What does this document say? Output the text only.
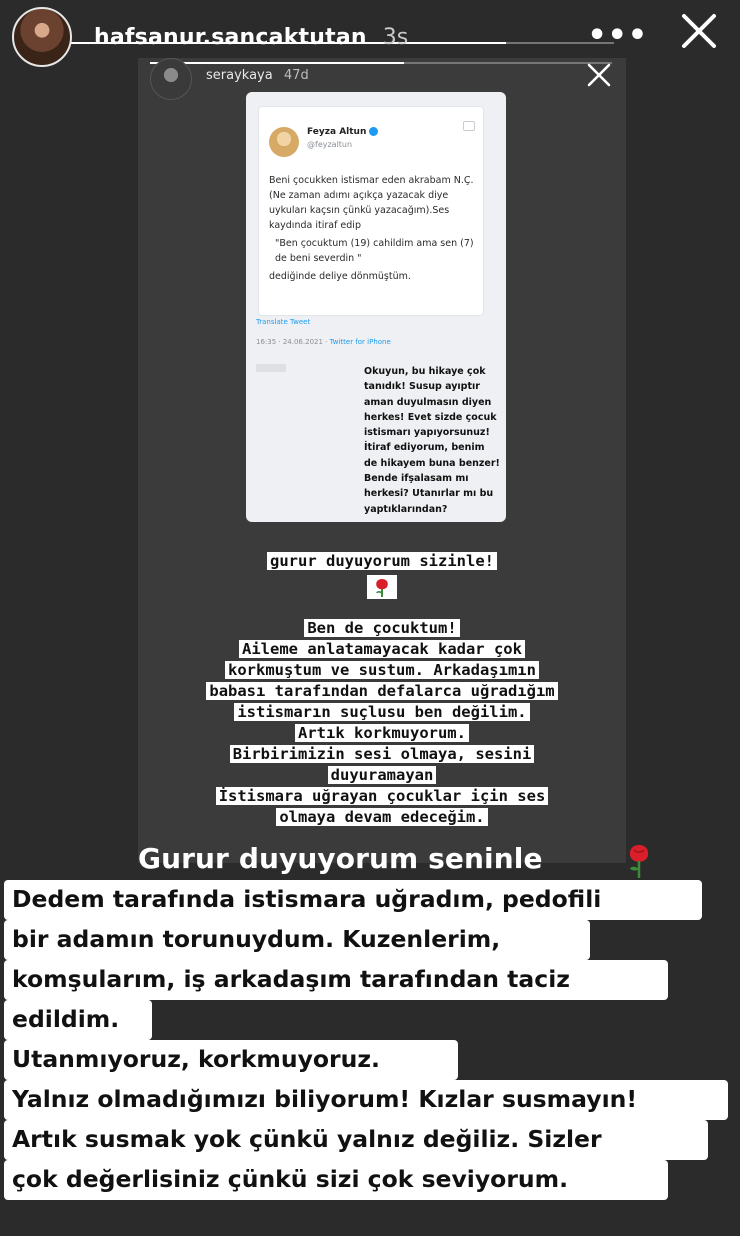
hafsanur.sancaktutan 3s	•••
seraykaya 47d
Feyza Altun
@feyzaltun

Beni çocukken istismar eden akrabam N.Ç. (Ne zaman adımı açıkça yazacak diye uykuları kaçsın çünkü yazacağım).Ses kaydında itiraf edip

"Ben çocuktum (19) cahildim ama sen (7) de beni severdin "

dediğinde deliye dönmüştüm.

Translate Tweet
16:35 · 24.06.2021 · Twitter for iPhone
Okuyun, bu hikaye çok tanıdık! Susup ayıptır aman duyulmasın diyen herkes! Evet sizde çocuk istismarı yapıyorsunuz! İtiraf ediyorum, benim de hikayem buna benzer! Bende ifşalasam mı herkesi? Utanırlar mı bu yaptıklarından?
gurur duyuyorum sizinle!
Ben de çocuktum!
Aileme anlatamayacak kadar çok
korkmuştum ve sustum. Arkadaşımın
babası tarafından defalarca uğradığım
istismarın suçlusu ben değilim.
Artık korkmuyorum.
Birbirimizin sesi olmaya, sesini
duyuramayan
İstismara uğrayan çocuklar için ses
olmaya devam edeceğim.
Gurur duyuyorum seninle
Dedem tarafında istismara uğradım, pedofili
bir adamın torunuydum. Kuzenlerim,
komşularım, iş arkadaşım tarafından taciz
edildim.
Utanmıyoruz, korkmuyoruz.
Yalnız olmadığımızı biliyorum! Kızlar susmayın!
Artık susmak yok çünkü yalnız değiliz. Sizler
çok değerlisiniz çünkü sizi çok seviyorum.
